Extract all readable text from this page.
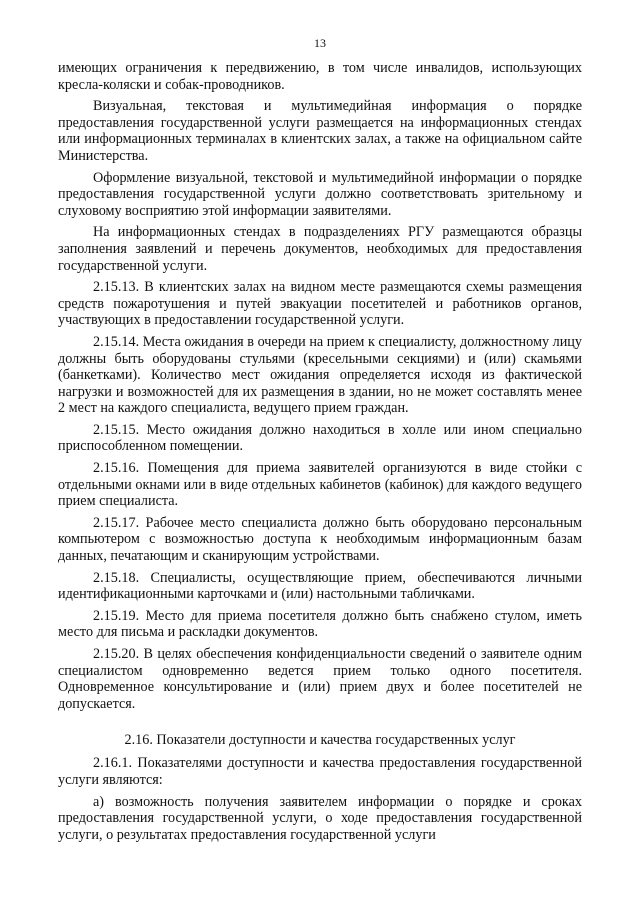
13

имеющих ограничения к передвижению, в том числе инвалидов, использующих кресла-коляски и собак-проводников.

Визуальная, текстовая и мультимедийная информация о порядке предоставления государственной услуги размещается на информационных стендах или информационных терминалах в клиентских залах, а также на официальном сайте Министерства.

Оформление визуальной, текстовой и мультимедийной информации о порядке предоставления государственной услуги должно соответствовать зрительному и слуховому восприятию этой информации заявителями.

На информационных стендах в подразделениях РГУ размещаются образцы заполнения заявлений и перечень документов, необходимых для предоставления государственной услуги.

2.15.13. В клиентских залах на видном месте размещаются схемы размещения средств пожаротушения и путей эвакуации посетителей и работников органов, участвующих в предоставлении государственной услуги.

2.15.14. Места ожидания в очереди на прием к специалисту, должностному лицу должны быть оборудованы стульями (кресельными секциями) и (или) скамьями (банкетками). Количество мест ожидания определяется исходя из фактической нагрузки и возможностей для их размещения в здании, но не может составлять менее 2 мест на каждого специалиста, ведущего прием граждан.

2.15.15. Место ожидания должно находиться в холле или ином специально приспособленном помещении.

2.15.16. Помещения для приема заявителей организуются в виде стойки с отдельными окнами или в виде отдельных кабинетов (кабинок) для каждого ведущего прием специалиста.

2.15.17. Рабочее место специалиста должно быть оборудовано персональным компьютером с возможностью доступа к необходимым информационным базам данных, печатающим и сканирующим устройствами.

2.15.18. Специалисты, осуществляющие прием, обеспечиваются личными идентификационными карточками и (или) настольными табличками.

2.15.19. Место для приема посетителя должно быть снабжено стулом, иметь место для письма и раскладки документов.

2.15.20. В целях обеспечения конфиденциальности сведений о заявителе одним специалистом одновременно ведется прием только одного посетителя. Одновременное консультирование и (или) прием двух и более посетителей не допускается.

2.16. Показатели доступности и качества государственных услуг

2.16.1. Показателями доступности и качества предоставления государственной услуги являются:

а) возможность получения заявителем информации о порядке и сроках предоставления государственной услуги, о ходе предоставления государственной услуги, о результатах предоставления государственной услуги
